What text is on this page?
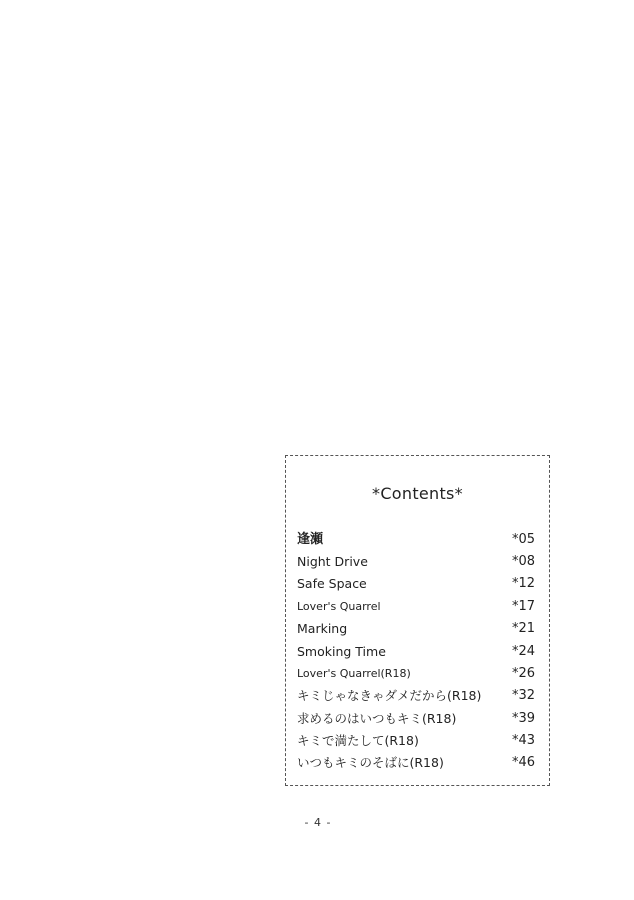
*Contents*
逢瀬	*05
Night Drive	*08
Safe Space	*12
Lover's Quarrel	*17
Marking	*21
Smoking Time	*24
Lover's Quarrel(R18)	*26
キミじゃなきゃダメだから(R18) *32
求めるのはいつもキミ(R18)	*39
キミで満たして(R18)	*43
いつもキミのそばに(R18)	*46
- 4 -
